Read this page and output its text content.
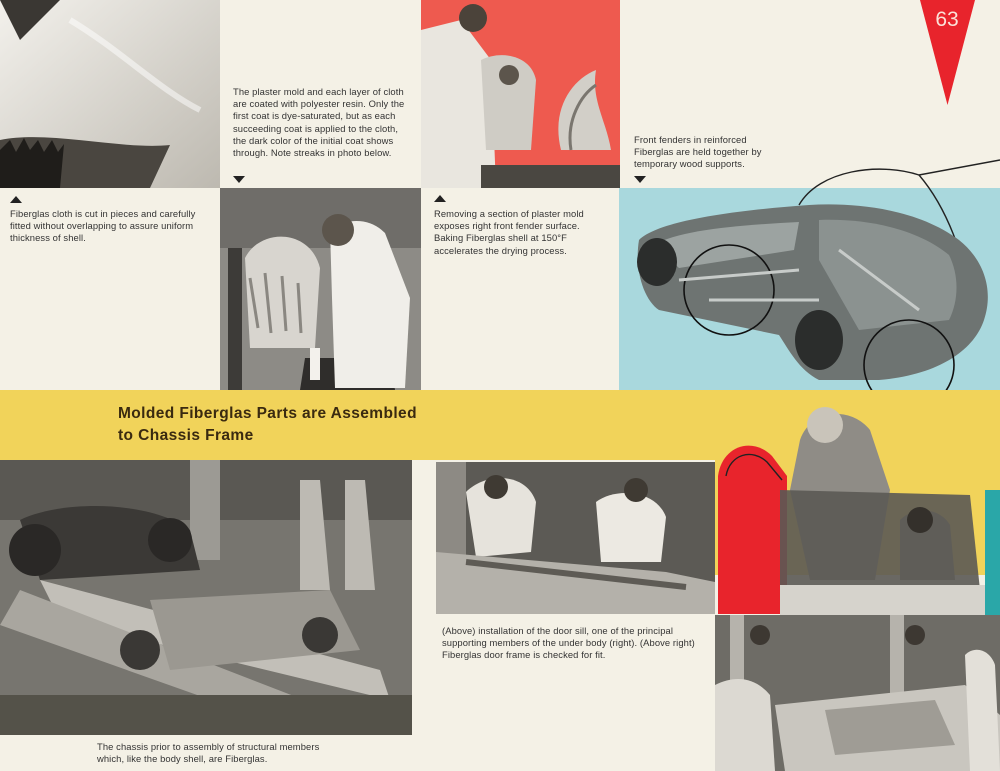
Fiberglas cloth is cut in pieces and carefully fitted without overlapping to assure uniform thickness of shell.
The plaster mold and each layer of cloth are coated with polyester resin. Only the first coat is dye-saturated, but as each succeeding coat is applied to the cloth, the dark color of the initial coat shows through. Note streaks in photo below.
Removing a section of plaster mold exposes right front fender surface. Baking Fiberglas shell at 150°F accelerates the drying process.
63
Front fenders in reinforced Fiberglas are held together by temporary wood supports.
Molded Fiberglas Parts are Assembled
to Chassis Frame
The chassis prior to assembly of structural members which, like the body shell, are Fiberglas.
(Above) installation of the door sill, one of the principal supporting members of the under body (right). (Above right) Fiberglas door frame is checked for fit.
